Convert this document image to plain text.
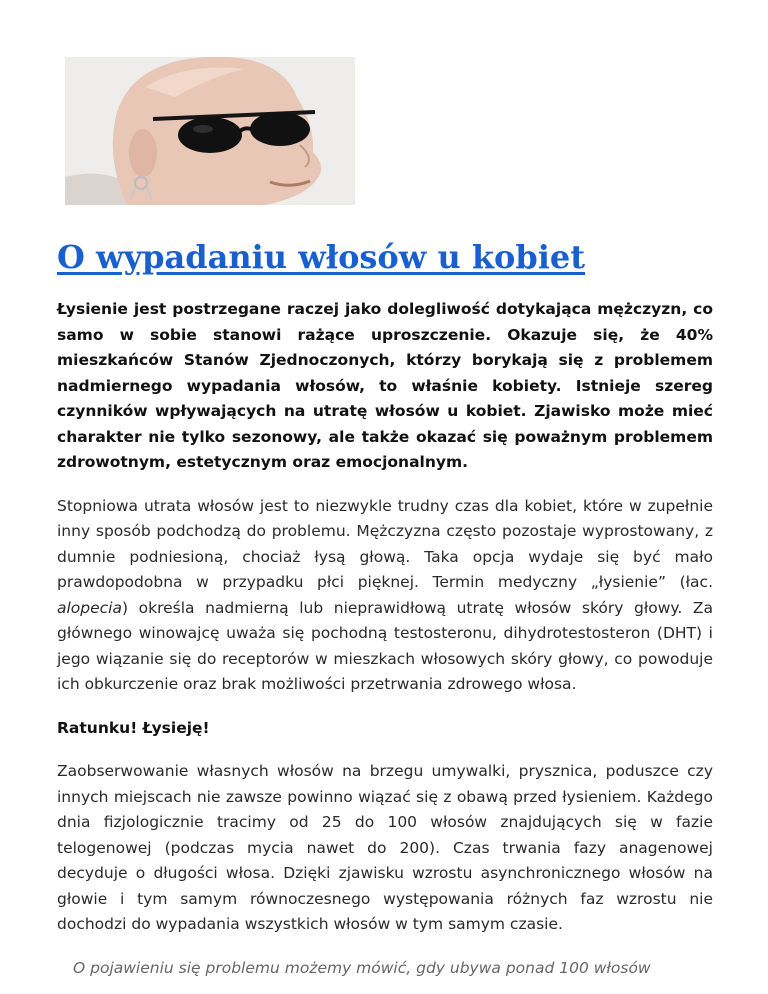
O wypadaniu włosów u kobiet

Łysienie jest postrzegane raczej jako dolegliwość dotykająca mężczyzn, co samo w sobie stanowi rażące uproszczenie. Okazuje się, że 40% mieszkańców Stanów Zjednoczonych, którzy borykają się z problemem nadmiernego wypadania włosów, to właśnie kobiety. Istnieje szereg czynników wpływających na utratę włosów u kobiet. Zjawisko może mieć charakter nie tylko sezonowy, ale także okazać się poważnym problemem zdrowotnym, estetycznym oraz emocjonalnym.

Stopniowa utrata włosów jest to niezwykle trudny czas dla kobiet, które w zupełnie inny sposób podchodzą do problemu. Mężczyzna często pozostaje wyprostowany, z dumnie podniesioną, chociaż łysą głową. Taka opcja wydaje się być mało prawdopodobna w przypadku płci pięknej. Termin medyczny „łysienie” (łac. alopecia) określa nadmierną lub nieprawidłową utratę włosów skóry głowy. Za głównego winowajcę uważa się pochodną testosteronu, dihydrotestosteron (DHT) i jego wiązanie się do receptorów w mieszkach włosowych skóry głowy, co powoduje ich obkurczenie oraz brak możliwości przetrwania zdrowego włosa.

Ratunku! Łysieję!

Zaobserwowanie własnych włosów na brzegu umywalki, prysznica, poduszce czy innych miejscach nie zawsze powinno wiązać się z obawą przed łysieniem. Każdego dnia fizjologicznie tracimy od 25 do 100 włosów znajdujących się w fazie telogenowej (podczas mycia nawet do 200). Czas trwania fazy anagenowej decyduje o długości włosa. Dzięki zjawisku wzrostu asynchronicznego włosów na głowie i tym samym równoczesnego występowania różnych faz wzrostu nie dochodzi do wypadania wszystkich włosów w tym samym czasie.

O pojawieniu się problemu możemy mówić, gdy ubywa ponad 100 włosów
